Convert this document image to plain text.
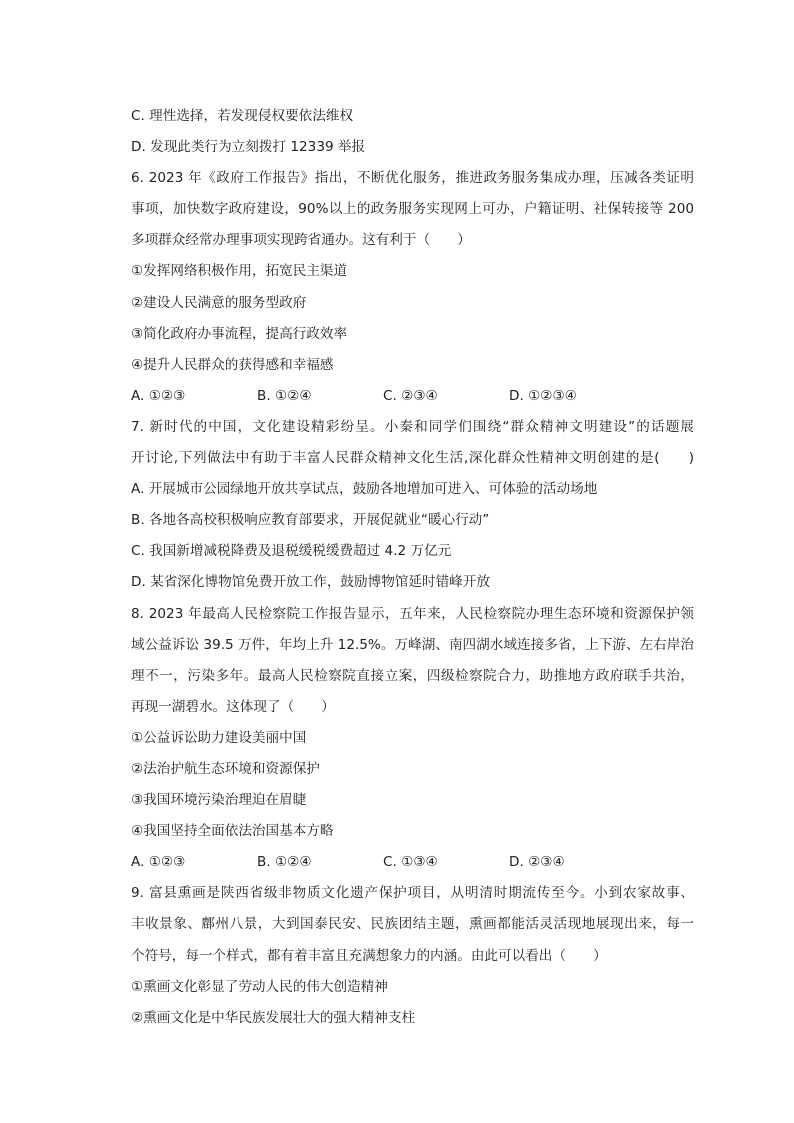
C. 理性选择，若发现侵权要依法维权
D. 发现此类行为立刻拨打 12339 举报
6. 2023 年《政府工作报告》指出，不断优化服务，推进政务服务集成办理，压减各类证明
事项，加快数字政府建设，90%以上的政务服务实现网上可办，户籍证明、社保转接等 200
多项群众经常办理事项实现跨省通办。这有利于（　　）
①发挥网络积极作用，拓宽民主渠道
②建设人民满意的服务型政府
③简化政府办事流程，提高行政效率
④提升人民群众的获得感和幸福感
A. ①②③	B. ①②④	C. ②③④	D. ①②③④
7. 新时代的中国，文化建设精彩纷呈。小秦和同学们围绕“群众精神文明建设”的话题展
开讨论,下列做法中有助于丰富人民群众精神文化生活,深化群众性精神文明创建的是(　　)
A. 开展城市公园绿地开放共享试点，鼓励各地增加可进入、可体验的活动场地
B. 各地各高校积极响应教育部要求，开展促就业“暖心行动”
C. 我国新增减税降费及退税缓税缓费超过 4.2 万亿元
D. 某省深化博物馆免费开放工作，鼓励博物馆延时错峰开放
8. 2023 年最高人民检察院工作报告显示，五年来，人民检察院办理生态环境和资源保护领
域公益诉讼 39.5 万件，年均上升 12.5%。万峰湖、南四湖水域连接多省，上下游、左右岸治
理不一，污染多年。最高人民检察院直接立案，四级检察院合力，助推地方政府联手共治，
再现一湖碧水。这体现了（　　）
①公益诉讼助力建设美丽中国
②法治护航生态环境和资源保护
③我国环境污染治理迫在眉睫
④我国坚持全面依法治国基本方略
A. ①②③	B. ①②④	C. ①③④	D. ②③④
9. 富县熏画是陕西省级非物质文化遗产保护项目，从明清时期流传至今。小到农家故事、
丰收景象、鄜州八景，大到国泰民安、民族团结主题，熏画都能活灵活现地展现出来，每一
个符号，每一个样式，都有着丰富且充满想象力的内涵。由此可以看出（　　）
①熏画文化彰显了劳动人民的伟大创造精神
②熏画文化是中华民族发展壮大的强大精神支柱
